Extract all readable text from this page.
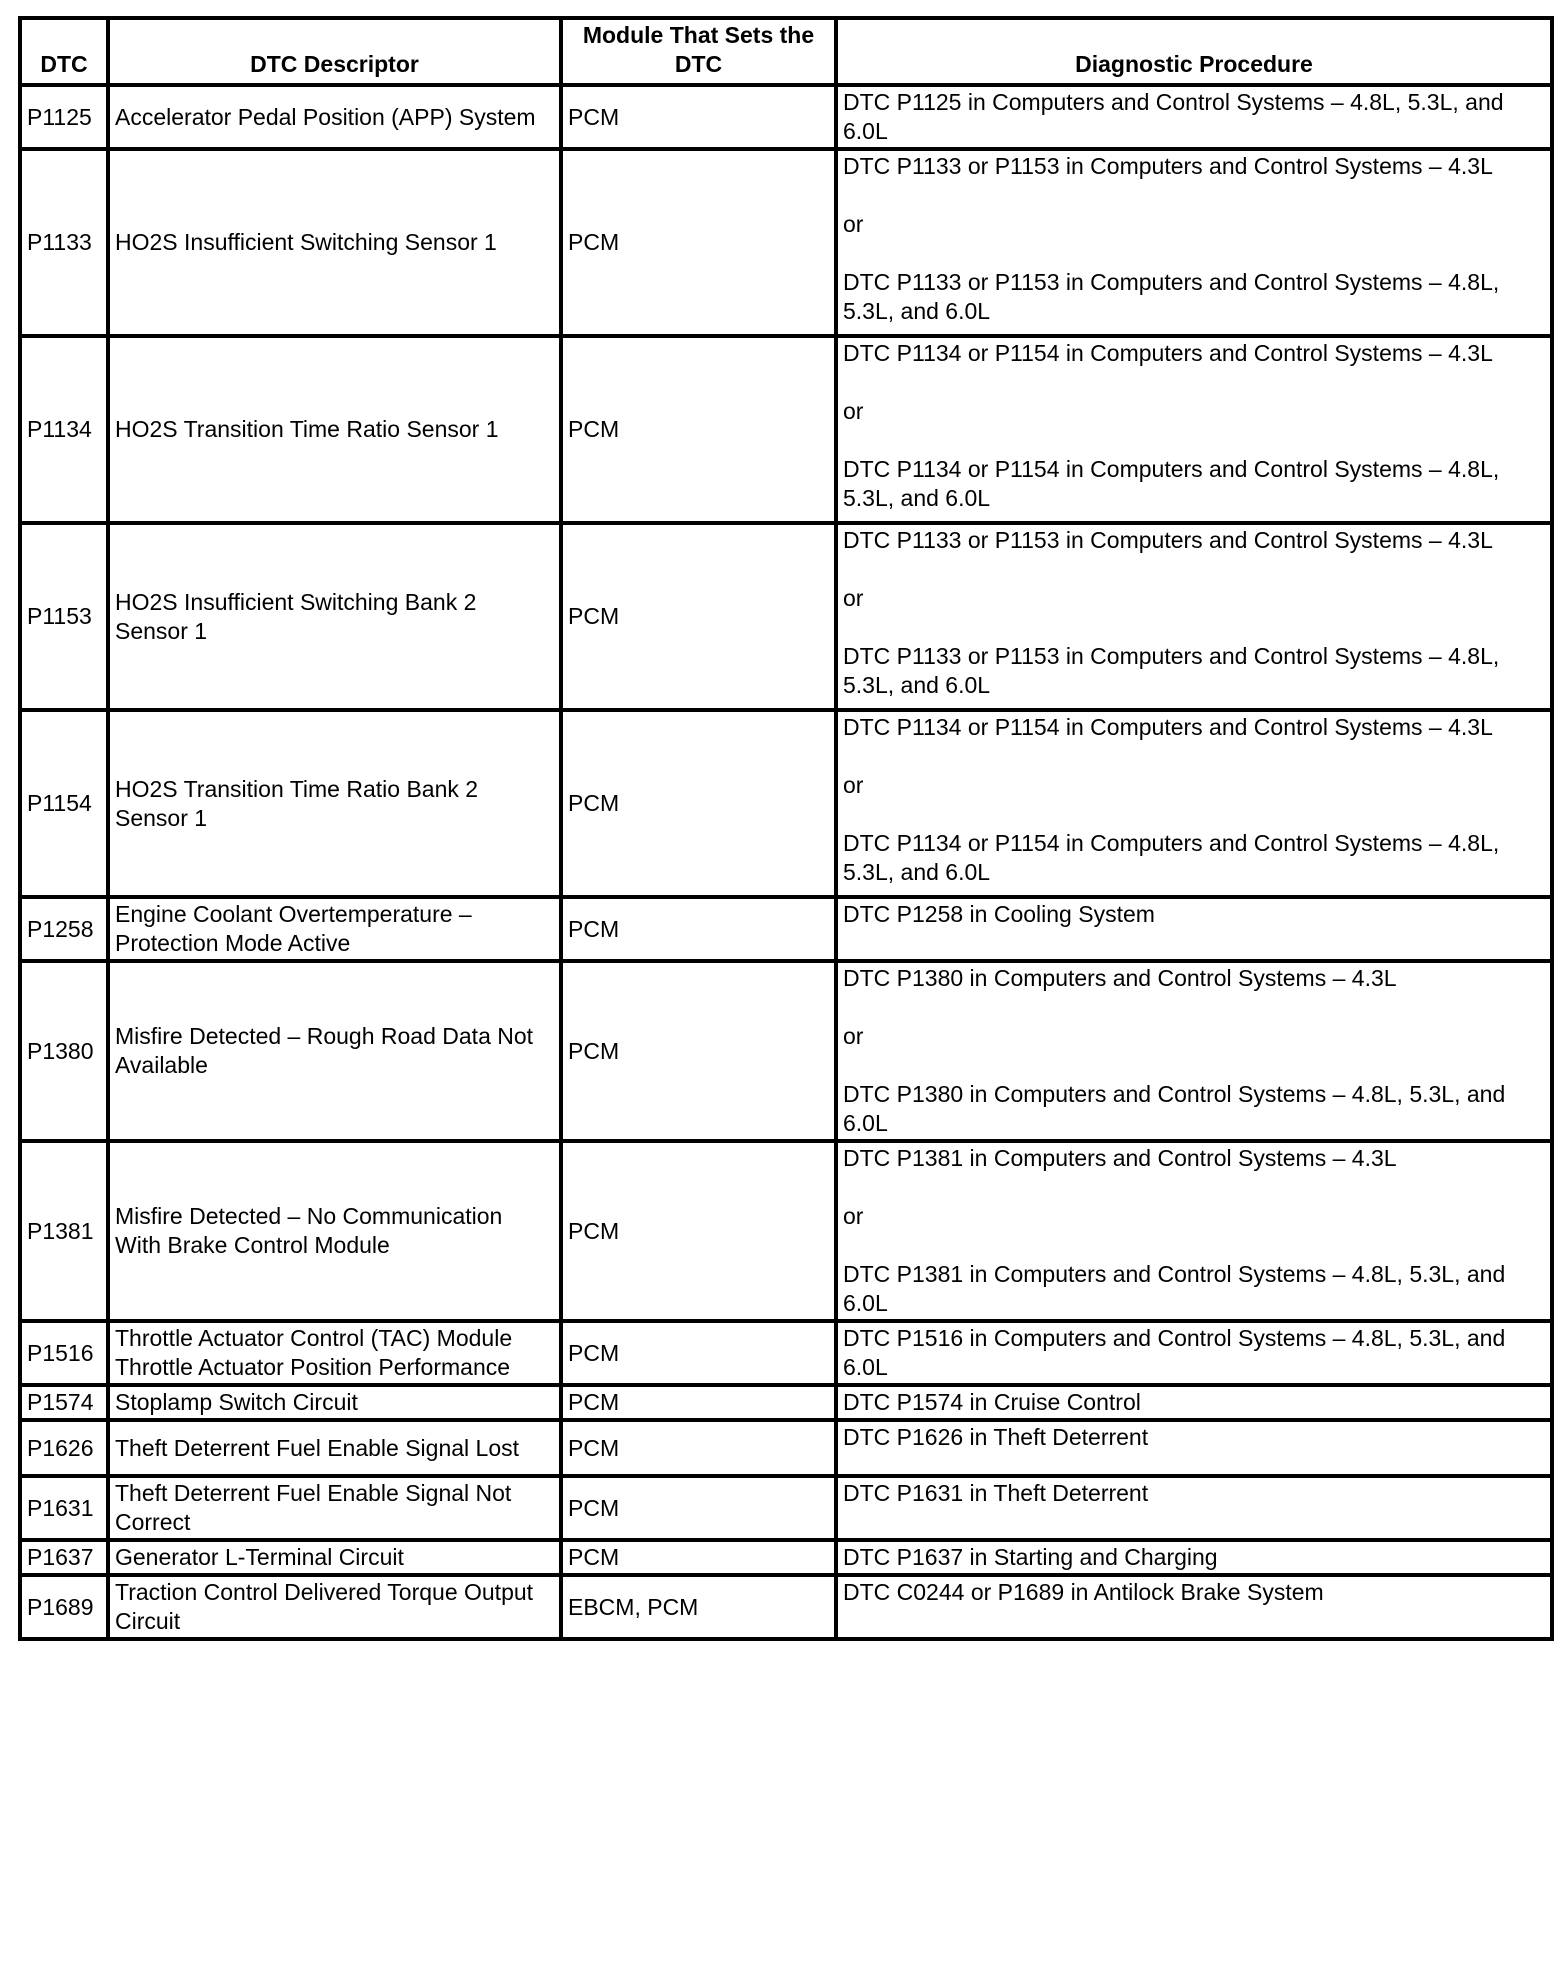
DTC	DTC Descriptor	Module That Sets the DTC	Diagnostic Procedure
P1125	Accelerator Pedal Position (APP) System	PCM	DTC P1125 in Computers and Control Systems – 4.8L, 5.3L, and 6.0L
P1133	HO2S Insufficient Switching Sensor 1	PCM	DTC P1133 or P1153 in Computers and Control Systems – 4.3L

or

DTC P1133 or P1153 in Computers and Control Systems – 4.8L, 5.3L, and 6.0L
P1134	HO2S Transition Time Ratio Sensor 1	PCM	DTC P1134 or P1154 in Computers and Control Systems – 4.3L

or

DTC P1134 or P1154 in Computers and Control Systems – 4.8L, 5.3L, and 6.0L
P1153	HO2S Insufficient Switching Bank 2 Sensor 1	PCM	DTC P1133 or P1153 in Computers and Control Systems – 4.3L

or

DTC P1133 or P1153 in Computers and Control Systems – 4.8L, 5.3L, and 6.0L
P1154	HO2S Transition Time Ratio Bank 2 Sensor 1	PCM	DTC P1134 or P1154 in Computers and Control Systems – 4.3L

or

DTC P1134 or P1154 in Computers and Control Systems – 4.8L, 5.3L, and 6.0L
P1258	Engine Coolant Overtemperature – Protection Mode Active	PCM	DTC P1258 in Cooling System
P1380	Misfire Detected – Rough Road Data Not Available	PCM	DTC P1380 in Computers and Control Systems – 4.3L

or

DTC P1380 in Computers and Control Systems – 4.8L, 5.3L, and 6.0L
P1381	Misfire Detected – No Communication With Brake Control Module	PCM	DTC P1381 in Computers and Control Systems – 4.3L

or

DTC P1381 in Computers and Control Systems – 4.8L, 5.3L, and 6.0L
P1516	Throttle Actuator Control (TAC) Module Throttle Actuator Position Performance	PCM	DTC P1516 in Computers and Control Systems – 4.8L, 5.3L, and 6.0L
P1574	Stoplamp Switch Circuit	PCM	DTC P1574 in Cruise Control
P1626	Theft Deterrent Fuel Enable Signal Lost	PCM	DTC P1626 in Theft Deterrent
P1631	Theft Deterrent Fuel Enable Signal Not Correct	PCM	DTC P1631 in Theft Deterrent
P1637	Generator L-Terminal Circuit	PCM	DTC P1637 in Starting and Charging
P1689	Traction Control Delivered Torque Output Circuit	EBCM, PCM	DTC C0244 or P1689 in Antilock Brake System
